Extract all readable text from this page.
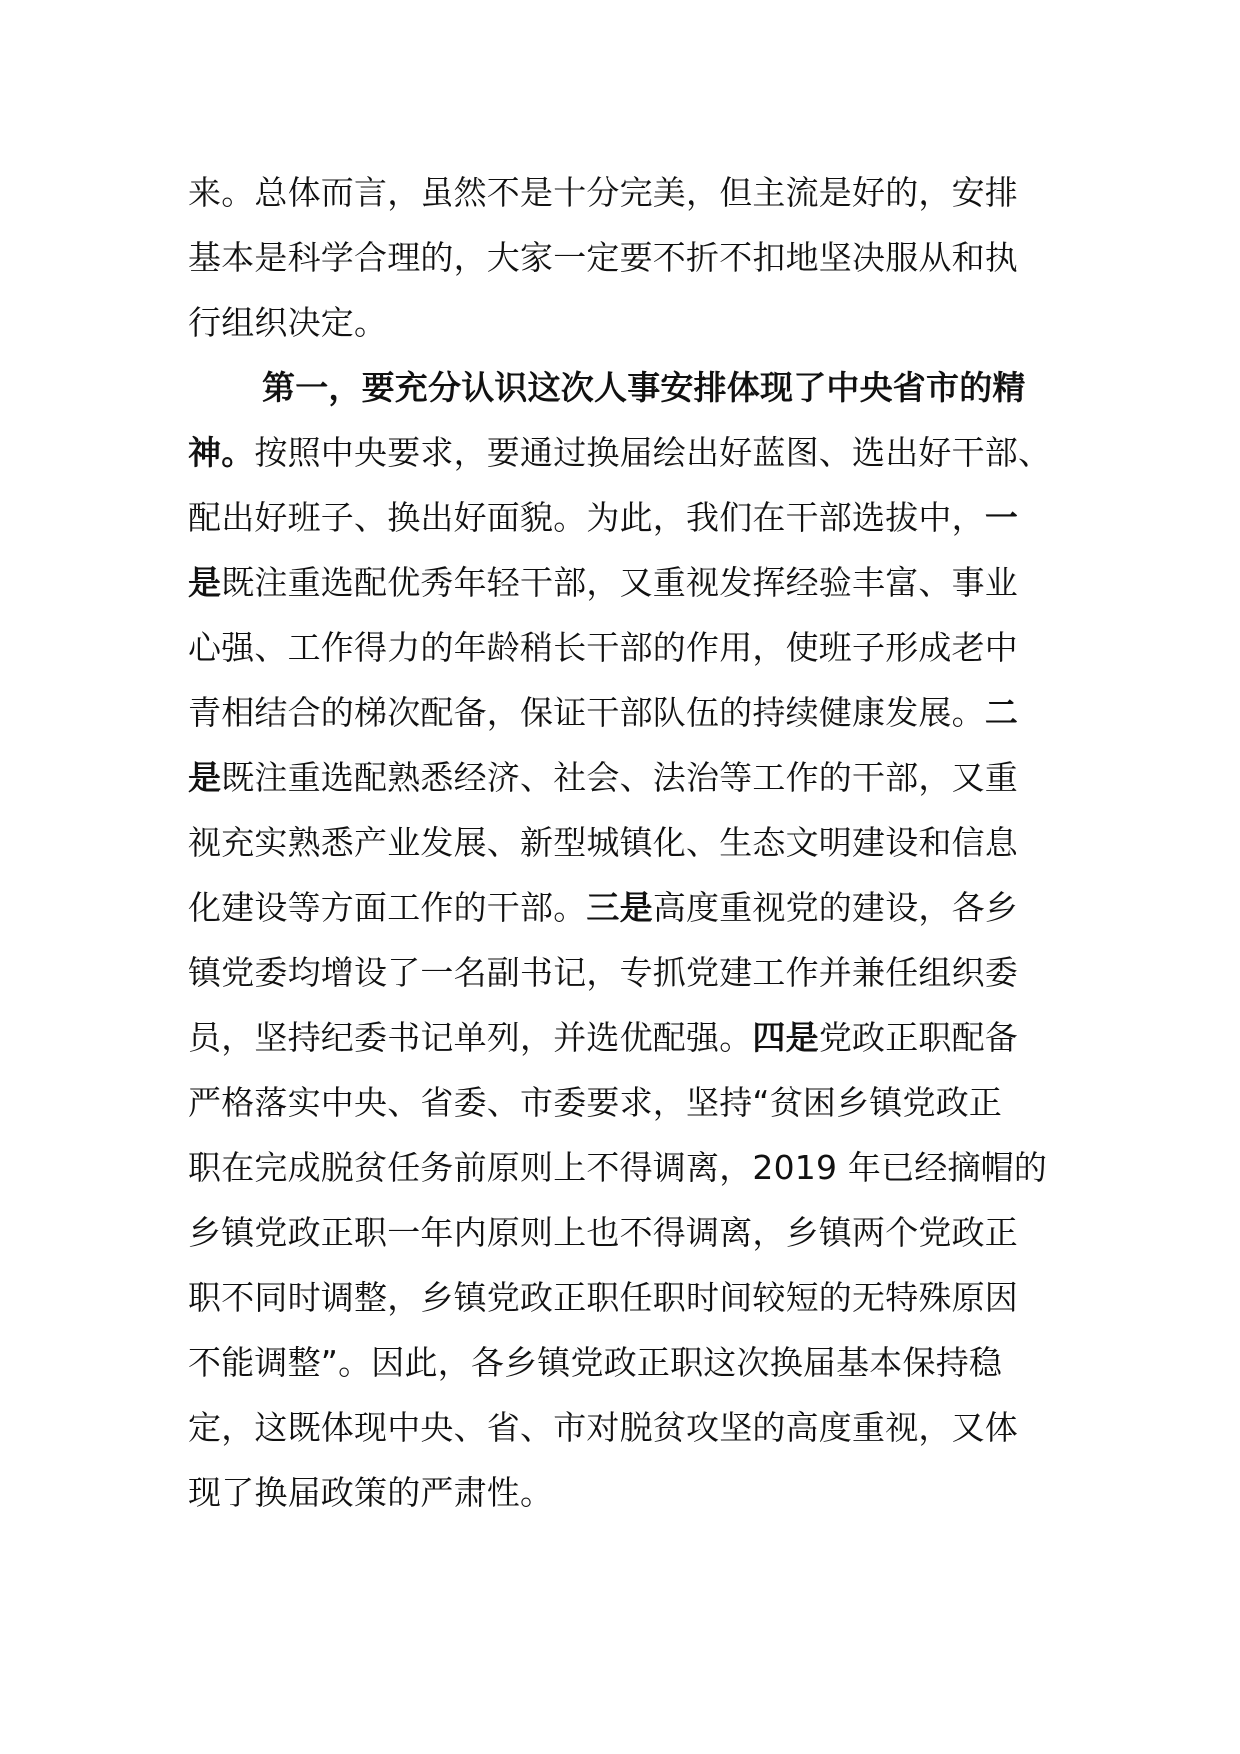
来。总体而言，虽然不是十分完美，但主流是好的，安排
基本是科学合理的，大家一定要不折不扣地坚决服从和执
行组织决定。
第一，要充分认识这次人事安排体现了中央省市的精
神。按照中央要求，要通过换届绘出好蓝图、选出好干部、
配出好班子、换出好面貌。为此，我们在干部选拔中，一
是既注重选配优秀年轻干部，又重视发挥经验丰富、事业
心强、工作得力的年龄稍长干部的作用，使班子形成老中
青相结合的梯次配备，保证干部队伍的持续健康发展。二
是既注重选配熟悉经济、社会、法治等工作的干部，又重
视充实熟悉产业发展、新型城镇化、生态文明建设和信息
化建设等方面工作的干部。三是高度重视党的建设，各乡
镇党委均增设了一名副书记，专抓党建工作并兼任组织委
员，坚持纪委书记单列，并选优配强。四是党政正职配备
严格落实中央、省委、市委要求，坚持“贫困乡镇党政正
职在完成脱贫任务前原则上不得调离，2019 年已经摘帽的
乡镇党政正职一年内原则上也不得调离，乡镇两个党政正
职不同时调整，乡镇党政正职任职时间较短的无特殊原因
不能调整”。因此，各乡镇党政正职这次换届基本保持稳
定，这既体现中央、省、市对脱贫攻坚的高度重视，又体
现了换届政策的严肃性。
